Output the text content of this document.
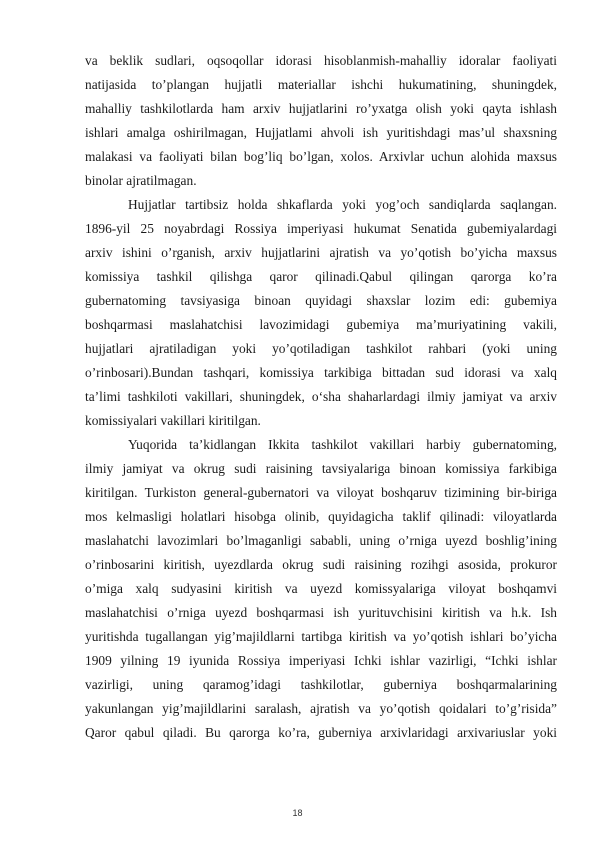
va beklik sudlari, oqsoqollar idorasi hisoblanmish-mahalliy idoralar faoliyati
natijasida to’plangan hujjatli materiallar ishchi hukumatining, shuningdek,
mahalliy tashkilotlarda ham arxiv hujjatlarini ro’yxatga olish yoki qayta ishlash
ishlari amalga oshirilmagan, Hujjatlami ahvoli ish yuritishdagi mas’ul shaxsning
malakasi va faoliyati bilan bog’liq bo’lgan, xolos. Arxivlar uchun alohida maxsus
binolar ajratilmagan.
Hujjatlar tartibsiz holda shkaflarda yoki yog’och sandiqlarda saqlangan.
1896-yil 25 noyabrdagi Rossiya imperiyasi hukumat Senatida gubemiyalardagi
arxiv ishini o’rganish, arxiv hujjatlarini ajratish va yo’qotish bo’yicha maxsus
komissiya tashkil qilishga qaror qilinadi.Qabul qilingan qarorga ko’ra
gubernatoming tavsiyasiga binoan quyidagi shaxslar lozim edi: gubemiya
boshqarmasi maslahatchisi lavozimidagi gubemiya ma’muriyatining vakili,
hujjatlari ajratiladigan yoki yo’qotiladigan tashkilot rahbari (yoki uning
o’rinbosari).Bundan tashqari, komissiya tarkibiga bittadan sud idorasi va xalq
ta’limi tashkiloti vakillari, shuningdek, o‘sha shaharlardagi ilmiy jamiyat va arxiv
komissiyalari vakillari kiritilgan.
Yuqorida ta’kidlangan Ikkita tashkilot vakillari harbiy gubernatoming,
ilmiy jamiyat va okrug sudi raisining tavsiyalariga binoan komissiya farkibiga
kiritilgan. Turkiston general-gubernatori va viloyat boshqaruv tizimining bir-biriga
mos kelmasligi holatlari hisobga olinib, quyidagicha taklif qilinadi: viloyatlarda
maslahatchi lavozimlari bo’lmaganligi sababli, uning o’rniga uyezd boshlig’ining
o’rinbosarini kiritish, uyezdlarda okrug sudi raisining rozihgi asosida, prokuror
o’miga xalq sudyasini kiritish va uyezd komissyalariga viloyat boshqamvi
maslahatchisi o’rniga uyezd boshqarmasi ish yurituvchisini kiritish va h.k. Ish
yuritishda tugallangan yig’majildlarni tartibga kiritish va yo’qotish ishlari bo’yicha
1909 yilning 19 iyunida Rossiya imperiyasi Ichki ishlar vazirligi, “Ichki ishlar
vazirligi, uning qaramog’idagi tashkilotlar, guberniya boshqarmalarining
yakunlangan yig’majildlarini saralash, ajratish va yo’qotish qoidalari to’g’risida”
Qaror qabul qiladi. Bu qarorga ko’ra, guberniya arxivlaridagi arxivariuslar yoki
18
